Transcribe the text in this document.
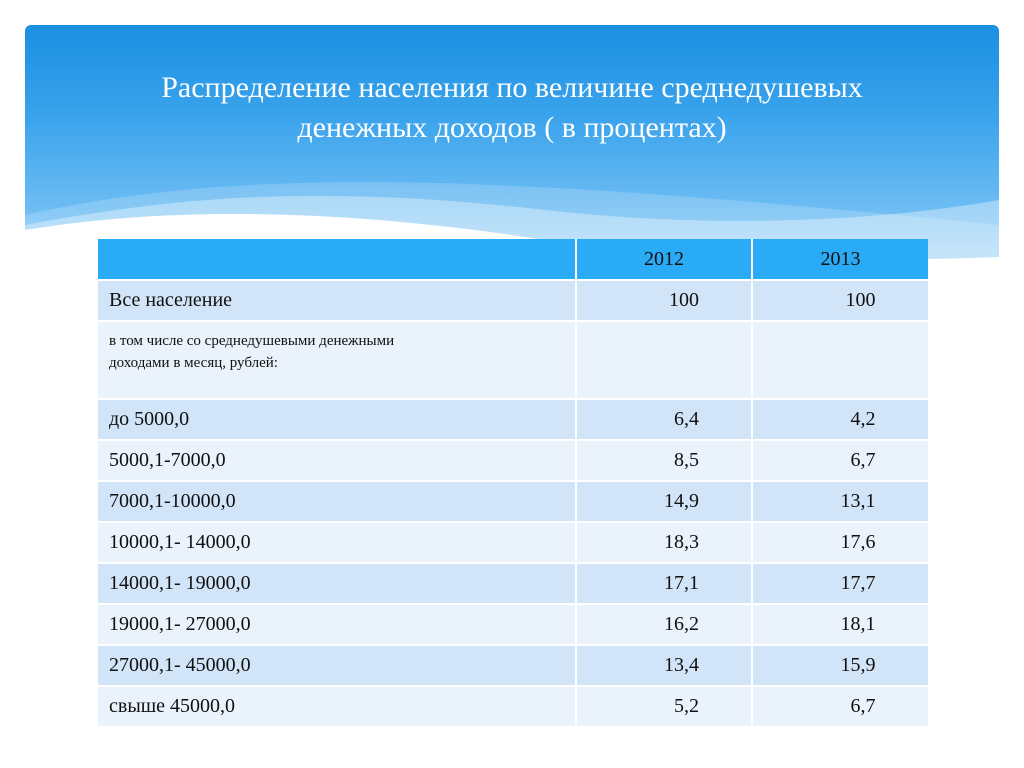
Распределение населения по величине среднедушевых
денежных доходов ( в процентах)
	2012	2013
Все население	100	100

в том числе со среднедушевыми денежными
доходами в месяц, рублей:		

до 5000,0	6,4	4,2
5000,1-7000,0	8,5	6,7
7000,1-10000,0	14,9	13,1
10000,1- 14000,0	18,3	17,6
14000,1- 19000,0	17,1	17,7
19000,1- 27000,0	16,2	18,1
27000,1- 45000,0	13,4	15,9
свыше 45000,0	5,2	6,7
